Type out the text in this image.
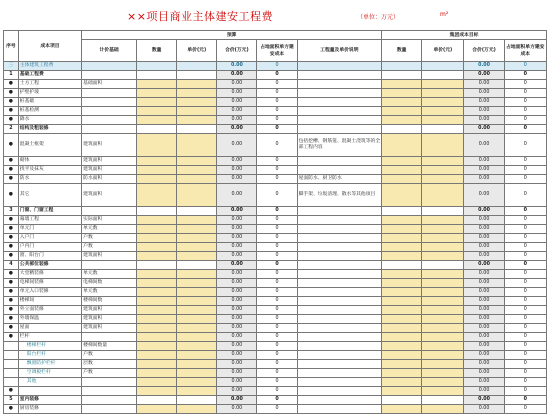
××项目商业主体建安工程费	（单位：万元）	m²
序号	成本项目	预算						集团成本目标			
		计价基础	数量	单价(元)	合价(万元)	占地面积单方建安成本	工程量及单价说明	数量	单价(元)	合价(万元)	占地面积单方建安成本
三	主体建筑工程费				0.00	0				0.00	0
1	基础工程费				0.00	0				0.00	0
●	土方工程	基础面积			0.00	0				0.00	0
●	护壁护坡				0.00	0				0.00	0
●	桩基础				0.00	0				0.00	0
●	桩基检测				0.00	0				0.00	0
●	降水				0.00	0				0.00	0
2	结构及粗装修				0.00	0				0.00	0
●	混凝土框架	建筑面积			0.00	0	包括挖槽、钢筋笼、混凝土浇筑等的全部工程内容			0.00	0
●	砌体	建筑面积			0.00	0				0.00	0
●	找平及抹灰	建筑面积			0.00	0				0.00	0
●	防水	防水面积			0.00	0	屋面防水、厨卫防水			0.00	0
●	其它	建筑面积			0.00	0	脚手架、垃圾清理、散水等其他项目			0.00	0
3	门窗、门窗工程				0.00	0				0.00	0
●	幕墙工程	实际面积			0.00	0				0.00	0
●	单元门	单元数			0.00	0				0.00	0
●	入户门	户数			0.00	0				0.00	0
●	户内门	户数			0.00	0				0.00	0
●	窗、阳台门	建筑面积			0.00	0				0.00	0
4	公共部位装修				0.00	0				0.00	0
●	大堂精装修	单元数			0.00	0				0.00	0
●	电梯间装修	电梯间数			0.00	0				0.00	0
●	单元入口装修	单元数			0.00	0				0.00	0
●	楼梯间	楼梯间数			0.00	0				0.00	0
●	外立面装修	建筑面积			0.00	0				0.00	0
●	外墙保温	建筑面积			0.00	0				0.00	0
●	屋面	建筑面积			0.00	0				0.00	0
●	栏杆				0.00	0				0.00	0
	楼梯栏杆	楼梯间数量			0.00	0				0.00	0
	阳台栏杆	户数			0.00	0				0.00	0
	飘窗防护栏杆	层数			0.00	0				0.00	0
	空调板栏杆	户数			0.00	0				0.00	0
	其他				0.00	0				0.00	0
●					0.00	0				0.00	0
5	室内装修				0.00	0				0.00	0
●	厨房装修				0.00	0				0.00	0
